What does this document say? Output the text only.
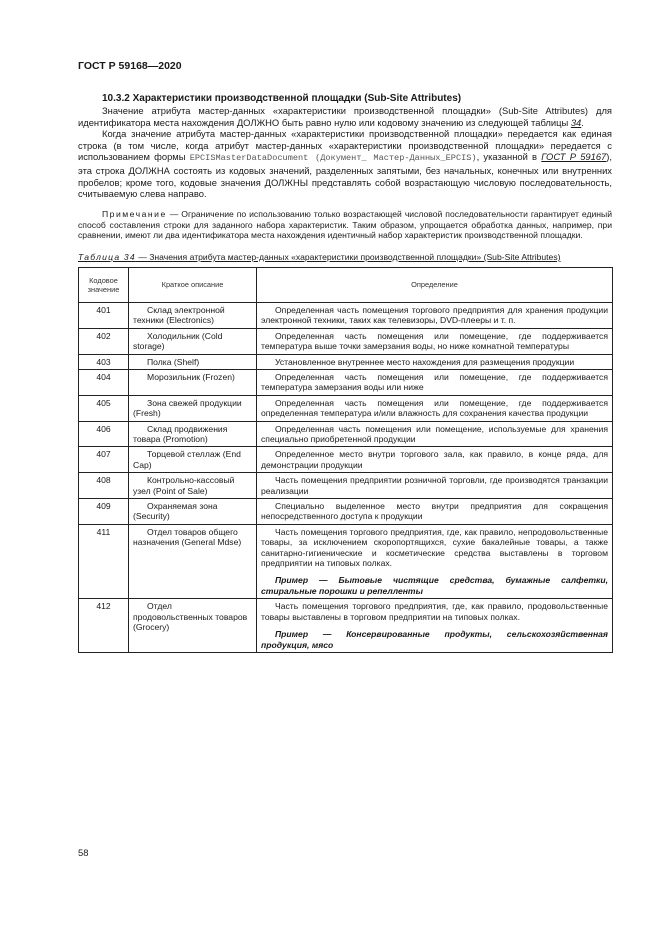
ГОСТ Р 59168—2020
10.3.2 Характеристики производственной площадки (Sub-Site Attributes)

Значение атрибута мастер-данных «характеристики производственной площадки» (Sub-Site Attributes) для идентификатора места нахождения ДОЛЖНО быть равно нулю или кодовому значению из следующей таблицы 34.

Когда значение атрибута мастер-данных «характеристики производственной площадки» передается как единая строка (в том числе, когда атрибут мастер-данных «характеристики производственной площадки» передается с использованием формы EPCISMasterDataDocument (Документ_ Мастер-Данных_EPCIS), указанной в ГОСТ Р 59167), эта строка ДОЛЖНА состоять из кодовых значений, разделенных запятыми, без начальных, конечных или внутренних пробелов; кроме того, кодовые значения ДОЛЖНЫ представлять собой возрастающую числовую последовательность, считываемую слева направо.

Примечание — Ограничение по использованию только возрастающей числовой последовательности гарантирует единый способ составления строки для заданного набора характеристик. Таким образом, упрощается обработка данных, например, при сравнении, имеют ли два идентификатора места нахождения идентичный набор характеристик производственной площадки.

Таблица 34 — Значения атрибута мастер-данных «характеристики производственной площадки» (Sub-Site Attributes)
Кодовое значение	Краткое описание	Определение
401	Склад электронной техники (Electronics)	Определенная часть помещения торгового предприятия для хранения продукции электронной техники, таких как телевизоры, DVD-плееры и т. п.

402	Холодильник (Cold storage)	Определенная часть помещения или помещение, где поддерживается температура выше точки замерзания воды, но ниже комнатной температуры

403	Полка (Shelf)	Установленное внутреннее место нахождения для размещения продукции

404	Морозильник (Frozen)	Определенная часть помещения или помещение, где поддерживается температура замерзания воды или ниже

405	Зона свежей продукции (Fresh)	Определенная часть помещения или помещение, где поддерживается определенная температура и/или влажность для сохранения качества продукции

406	Склад продвижения товара (Promotion)	Определенная часть помещения или помещение, используемые для хранения специально приобретенной продукции

407	Торцевой стеллаж (End Cap)	Определенное место внутри торгового зала, как правило, в конце ряда, для демонстрации продукции

408	Контрольно-кассовый узел (Point of Sale)	Часть помещения предприятии розничной торговли, где производятся транзакции реализации

409	Охраняемая зона (Security)	Специально выделенное место внутри предприятия для сокращения непосредственного доступа к продукции

411	Отдел товаров общего назначения (General Mdse)	Часть помещения торгового предприятия, где, как правило, непродовольственные товары, за исключением скоропортящихся, сухие бакалейные товары, а также санитарно-гигиенические и косметические средства выставлены в торговом предприятии на типовых полках.
Пример — Бытовые чистящие средства, бумажные салфетки, стиральные порошки и репелленты

412	Отдел продовольственных товаров (Grocery)	Часть помещения торгового предприятия, где, как правило, продовольственные товары выставлены в торговом предприятии на типовых полках.
Пример — Консервированные продукты, сельскохозяйственная продукция, мясо
58
